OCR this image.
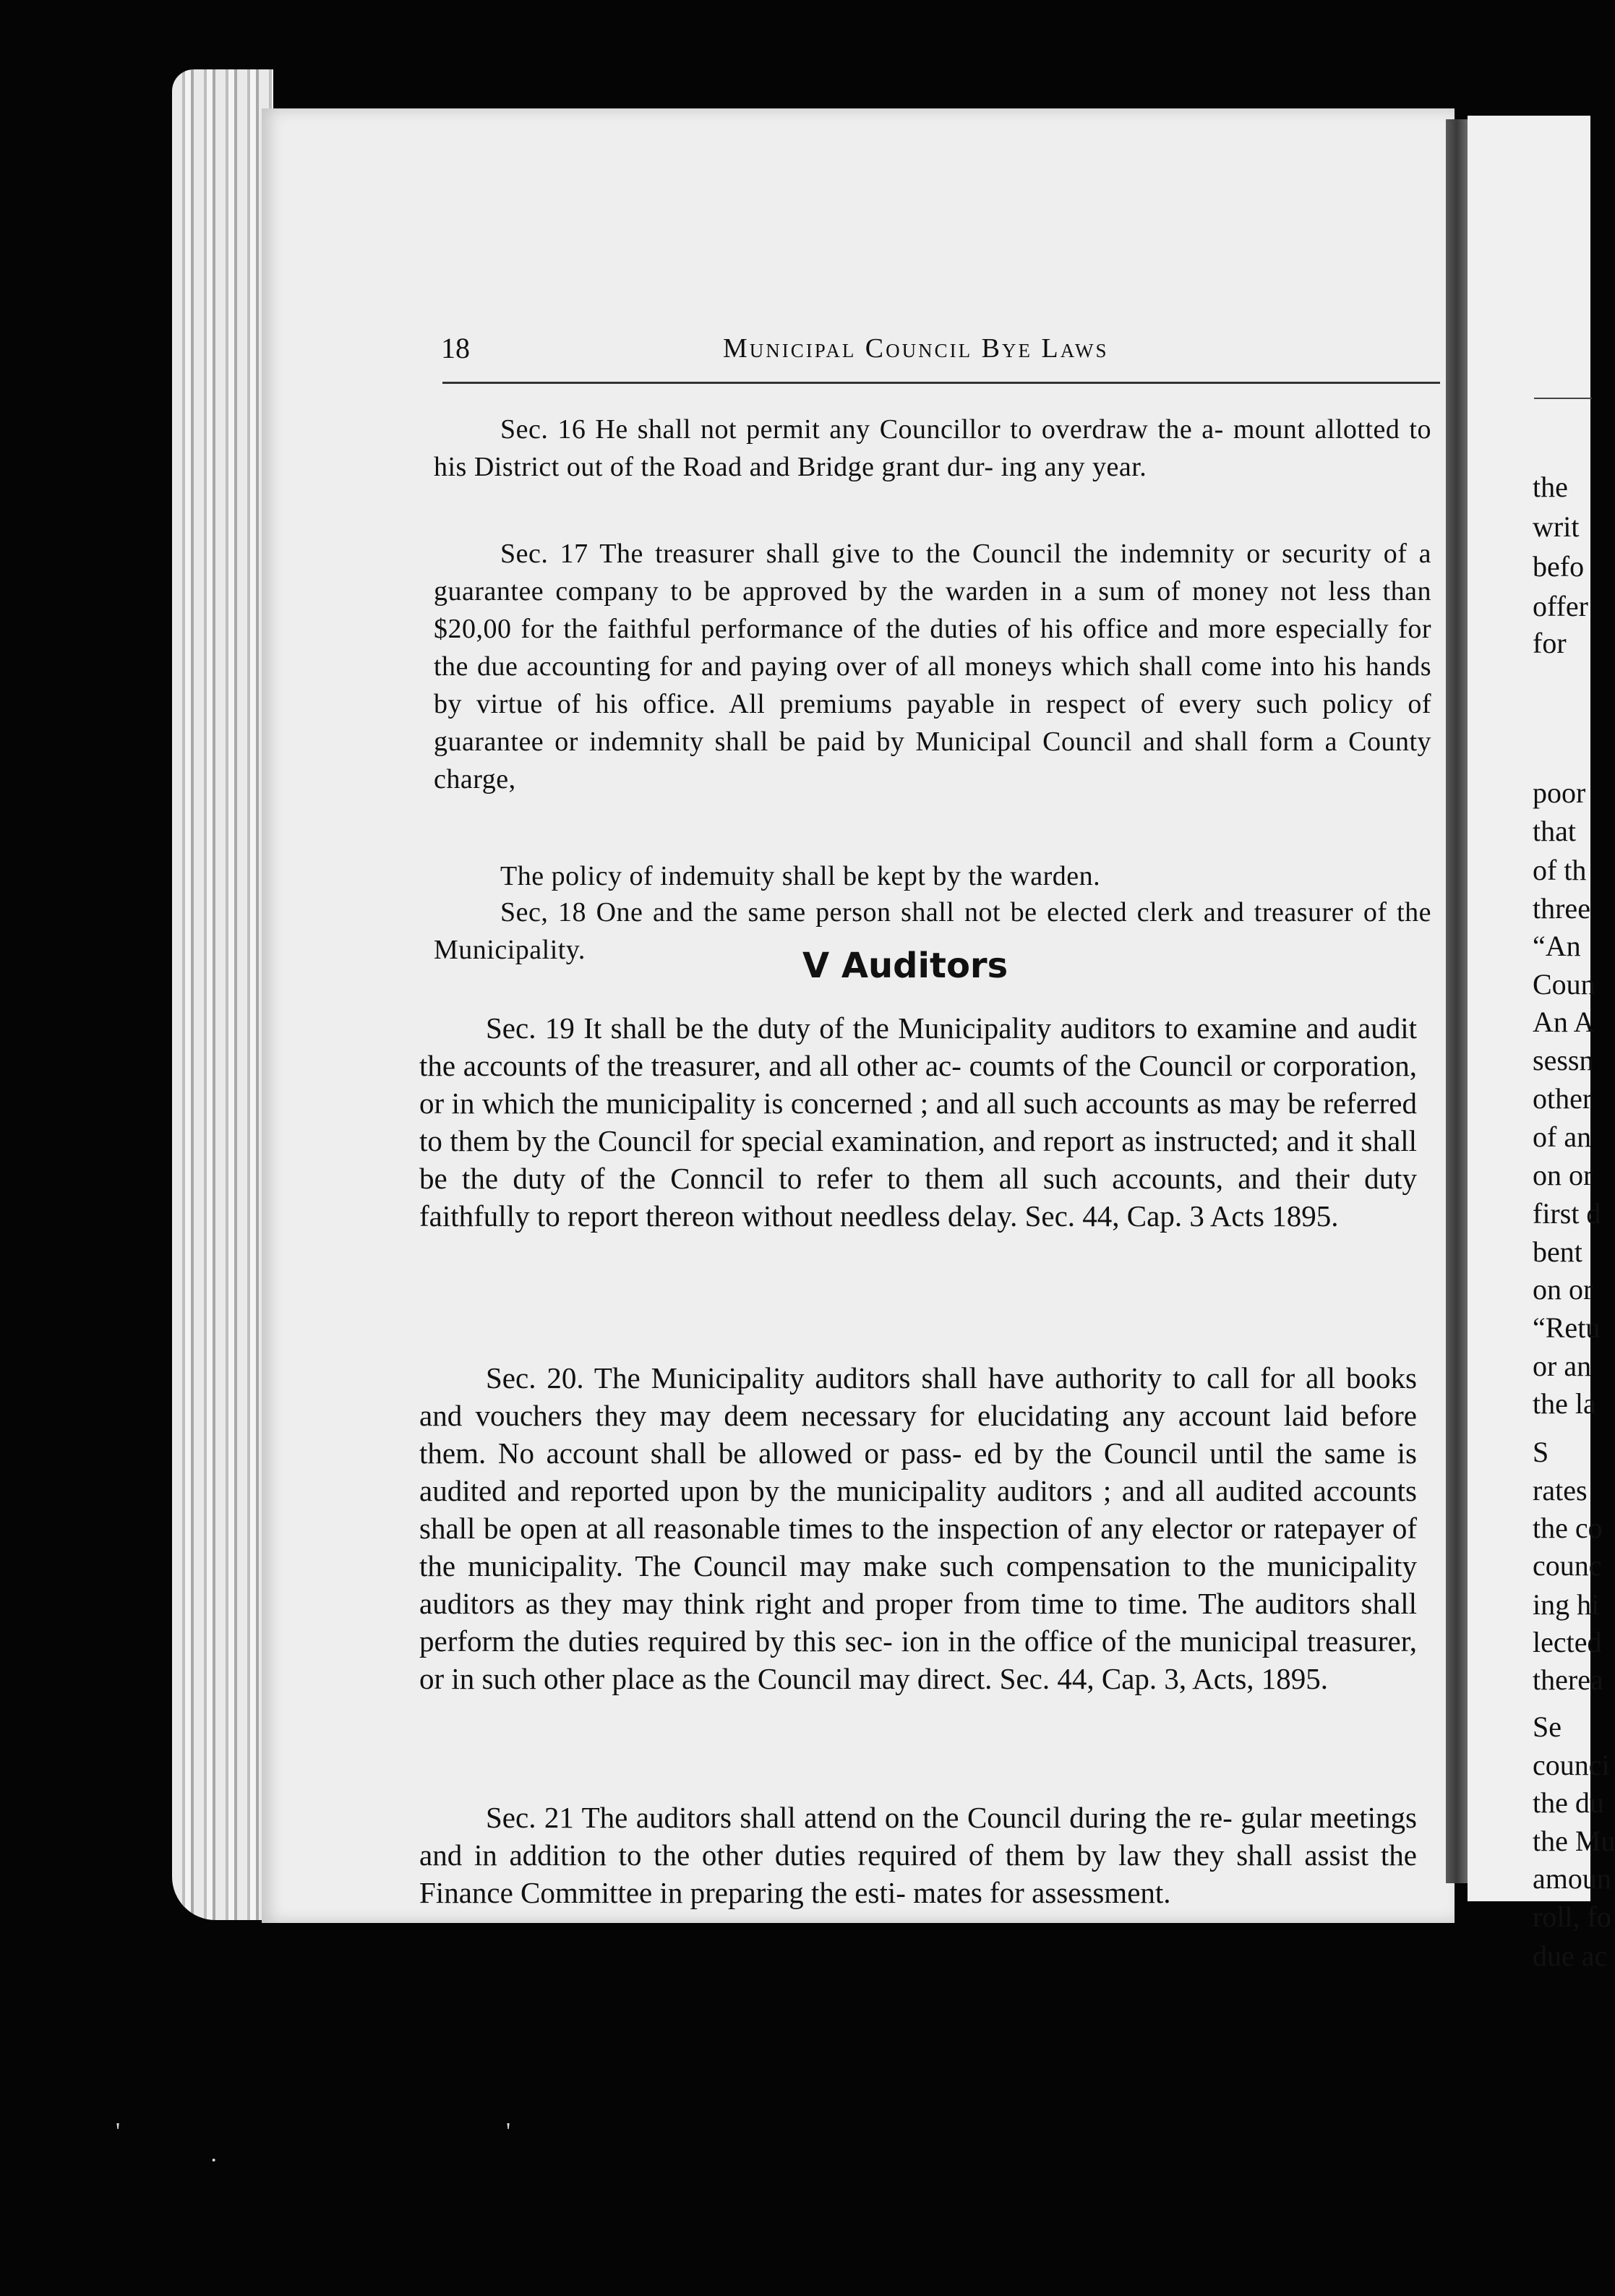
the
writ
befo
offer
for
poor
that
of th
three
“An
Coun
An A
sessn
other
of an
on or
first d
bent
on or
“Retu
or an
the la
S
rates
the co
counc
ing hi
lected
therea
Se
counci
the du
the Mu
amoun
roll, fo
due ac
18	Municipal Council Bye Laws

Sec. 16 He shall not permit any Councillor to overdraw the a- mount allotted to his District out of the Road and Bridge grant dur- ing any year.

Sec. 17 The treasurer shall give to the Council the indemnity or security of a guarantee company to be approved by the warden in a sum of money not less than $20,00 for the faithful performance of the duties of his office and more especially for the due accounting for and paying over of all moneys which shall come into his hands by virtue of his office. All premiums payable in respect of every such policy of guarantee or indemnity shall be paid by Municipal Council and shall form a County charge,

The policy of indemuity shall be kept by the warden.

Sec, 18 One and the same person shall not be elected clerk and treasurer of the Municipality.	V Auditors

Sec. 19 It shall be the duty of the Municipality auditors to examine and audit the accounts of the treasurer, and all other ac- coumts of the Council or corporation, or in which the municipality is concerned ; and all such accounts as may be referred to them by the Council for special examination, and report as instructed; and it shall be the duty of the Conncil to refer to them all such accounts, and their duty faithfully to report thereon without needless delay. Sec. 44, Cap. 3 Acts 1895.

Sec. 20. The Municipality auditors shall have authority to call for all books and vouchers they may deem necessary for elucidating any account laid before them. No account shall be allowed or pass- ed by the Council until the same is audited and reported upon by the municipality auditors ; and all audited accounts shall be open at all reasonable times to the inspection of any elector or ratepayer of the municipality. The Council may make such compensation to the municipality auditors as they may think right and proper from time to time. The auditors shall perform the duties required by this sec- ion in the office of the municipal treasurer, or in such other place as the Council may direct. Sec. 44, Cap. 3, Acts, 1895.

Sec. 21 The auditors shall attend on the Council during the re- gular meetings and in addition to the other duties required of them by law they shall assist the Finance Committee in preparing the esti- mates for assessment.

'
·
'
